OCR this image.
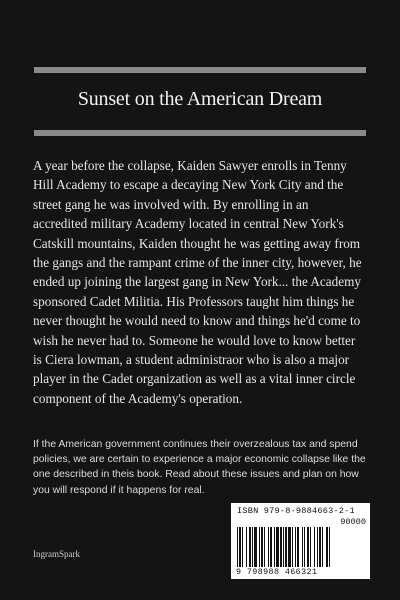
Sunset on the American Dream

A year before the collapse, Kaiden Sawyer enrolls in Tenny Hill Academy to escape a decaying New York City and the street gang he was involved with. By enrolling in an accredited military Academy located in central New York's Catskill mountains, Kaiden thought he was getting away from the gangs and the rampant crime of the inner city, however, he ended up joining the largest gang in New York... the Academy sponsored Cadet Militia. His Professors taught him things he never thought he would need to know and things he'd come to wish he never had to. Someone he would love to know better is Ciera lowman, a student administraor who is also a major player in the Cadet organization as well as a vital inner circle component of the Academy's operation.

If the American government continues their overzealous tax and spend policies, we are certain to experience a major economic collapse like the one described in theis book. Read about these issues and plan on how you will respond if it happens for real.

IngramSpark
ISBN 979-8-9884663-2-1
90000
9 798988 466321
